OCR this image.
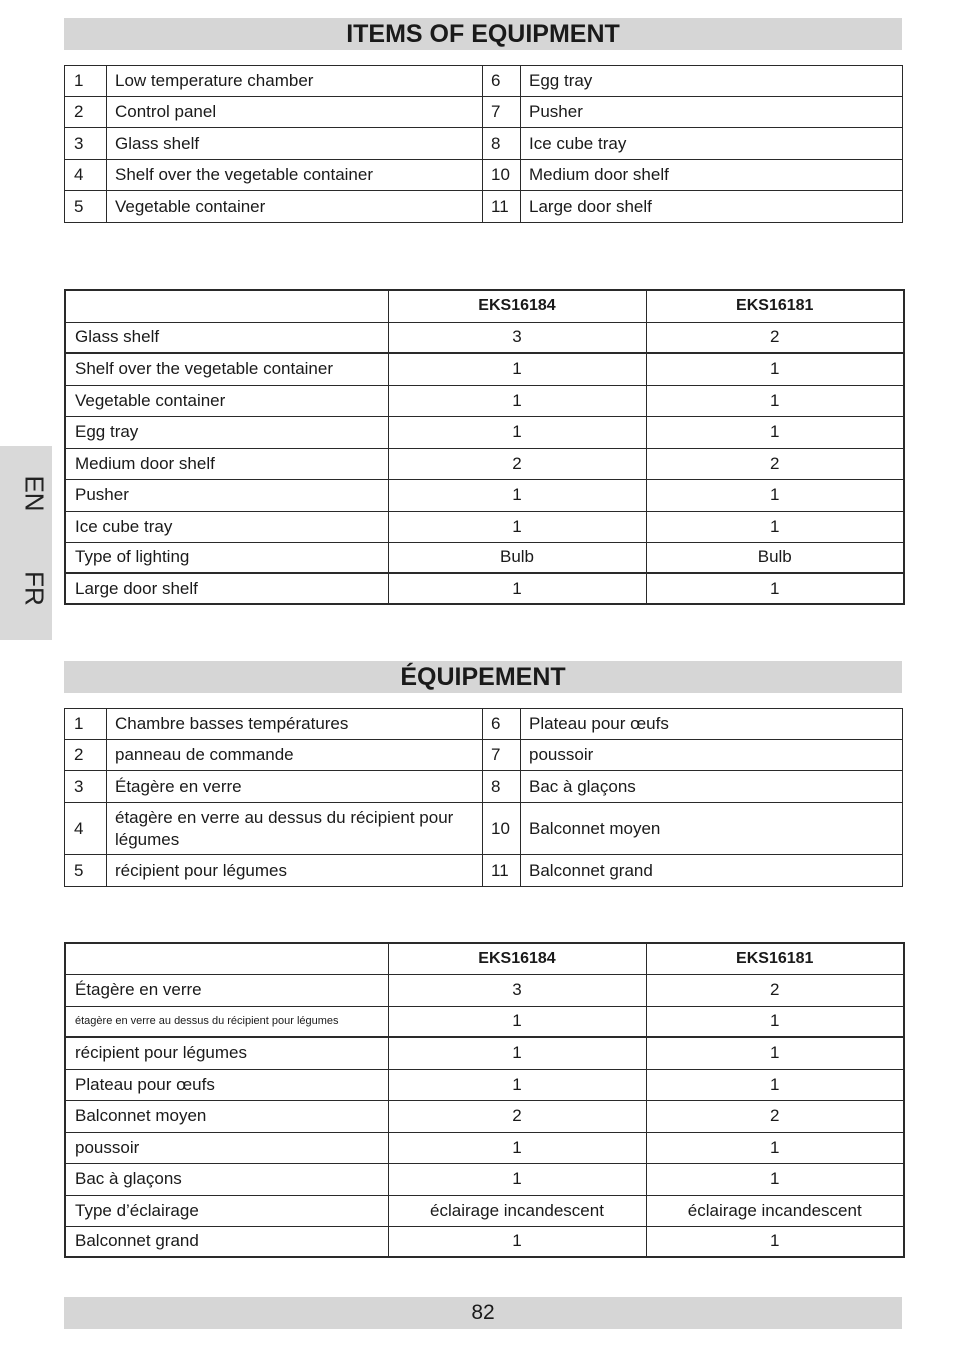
ITEMS OF EQUIPMENT
1	Low temperature chamber	6	Egg tray
2	Control panel	7	Pusher
3	Glass shelf	8	Ice cube tray
4	Shelf over the vegetable container	10	Medium door shelf
5	Vegetable container	11	Large door shelf
	EKS16184	EKS16181
Glass shelf	3	2
Shelf over the vegetable container	1	1
Vegetable container	1	1
Egg tray	1	1
Medium door shelf	2	2
Pusher	1	1
Ice cube tray	1	1
Type of lighting	Bulb	Bulb
Large door shelf	1	1
EN
FR
ÉQUIPEMENT
1	Chambre basses températures	6	Plateau pour œufs
2	panneau de commande	7	poussoir
3	Étagère en verre	8	Bac à glaçons
4	étagère en verre au dessus du récipient pour légumes	10	Balconnet moyen
5	récipient pour légumes	11	Balconnet grand
	EKS16184	EKS16181
Étagère en verre	3	2
étagère en verre au dessus du récipient pour légumes	1	1
récipient pour légumes	1	1
Plateau pour œufs	1	1
Balconnet moyen	2	2
poussoir	1	1
Bac à glaçons	1	1
Type d’éclairage	éclairage incandescent	éclairage incandescent
Balconnet grand	1	1
82
